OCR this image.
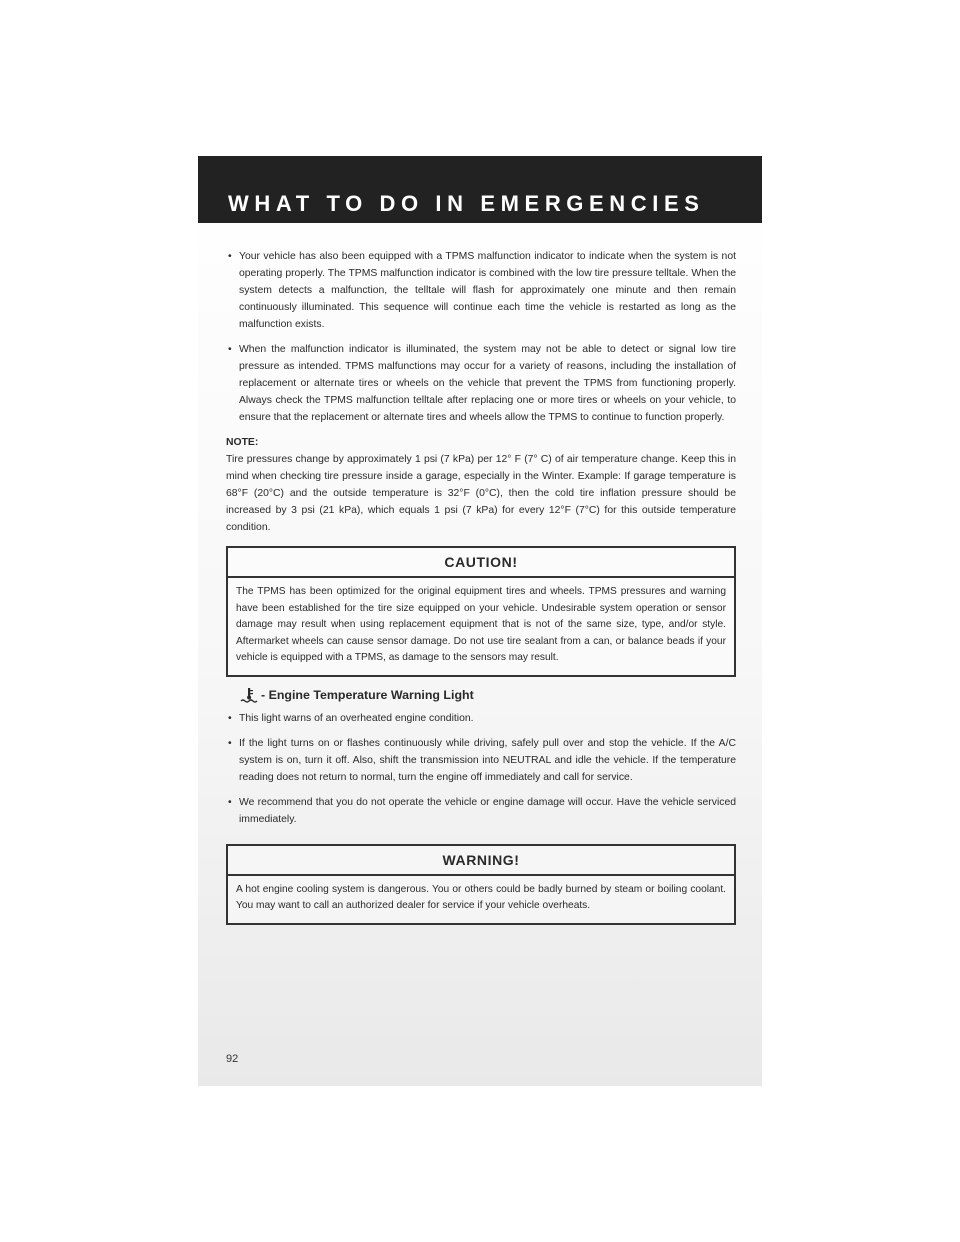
WHAT TO DO IN EMERGENCIES
• Your vehicle has also been equipped with a TPMS malfunction indicator to indicate when the system is not operating properly. The TPMS malfunction indicator is combined with the low tire pressure telltale. When the system detects a malfunction, the telltale will flash for approximately one minute and then remain continuously illuminated. This sequence will continue each time the vehicle is restarted as long as the malfunction exists.
• When the malfunction indicator is illuminated, the system may not be able to detect or signal low tire pressure as intended. TPMS malfunctions may occur for a variety of reasons, including the installation of replacement or alternate tires or wheels on the vehicle that prevent the TPMS from functioning properly. Always check the TPMS malfunction telltale after replacing one or more tires or wheels on your vehicle, to ensure that the replacement or alternate tires and wheels allow the TPMS to continue to function properly.

NOTE:

Tire pressures change by approximately 1 psi (7 kPa) per 12° F (7° C) of air temperature change. Keep this in mind when checking tire pressure inside a garage, especially in the Winter. Example: If garage temperature is 68°F (20°C) and the outside temperature is 32°F (0°C), then the cold tire inflation pressure should be increased by 3 psi (21 kPa), which equals 1 psi (7 kPa) for every 12°F (7°C) for this outside temperature condition.

CAUTION!
The TPMS has been optimized for the original equipment tires and wheels. TPMS pressures and warning have been established for the tire size equipped on your vehicle. Undesirable system operation or sensor damage may result when using replacement equipment that is not of the same size, type, and/or style. Aftermarket wheels can cause sensor damage. Do not use tire sealant from a can, or balance beads if your vehicle is equipped with a TPMS, as damage to the sensors may result.
- Engine Temperature Warning Light
• This light warns of an overheated engine condition.
• If the light turns on or flashes continuously while driving, safely pull over and stop the vehicle. If the A/C system is on, turn it off. Also, shift the transmission into NEUTRAL and idle the vehicle. If the temperature reading does not return to normal, turn the engine off immediately and call for service.
• We recommend that you do not operate the vehicle or engine damage will occur. Have the vehicle serviced immediately.
WARNING!
A hot engine cooling system is dangerous. You or others could be badly burned by steam or boiling coolant. You may want to call an authorized dealer for service if your vehicle overheats.
92
